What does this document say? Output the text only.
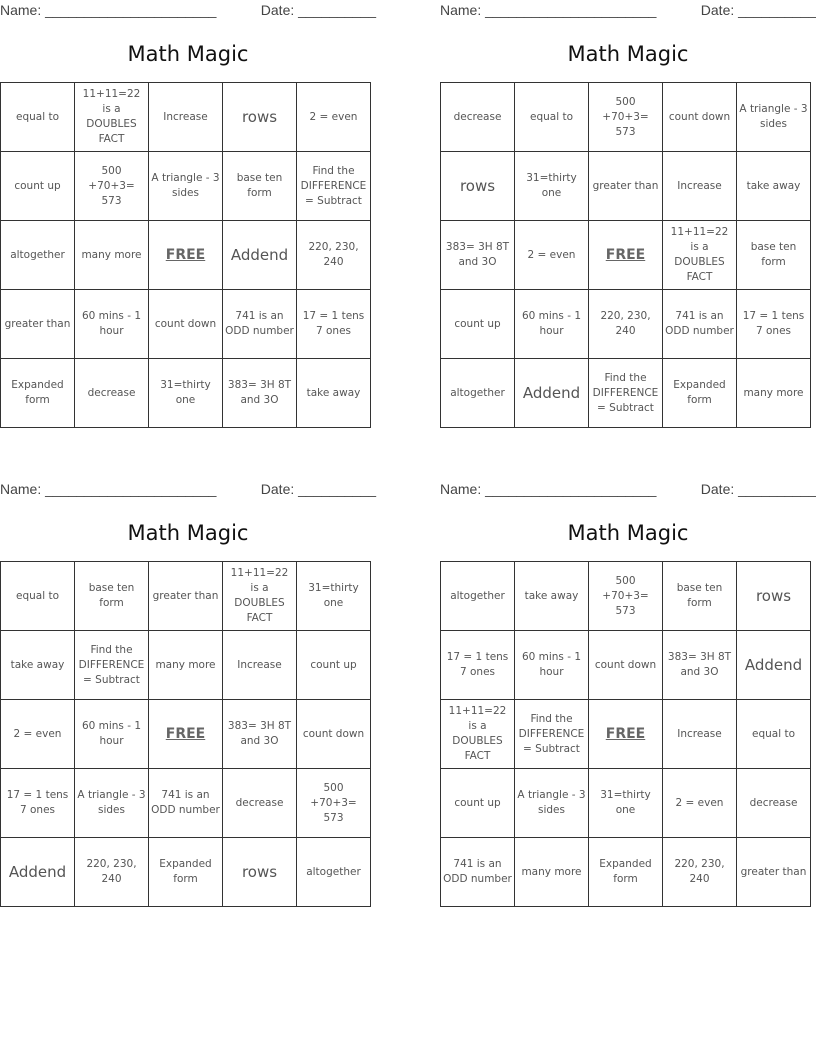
Name: ______________________	Date: __________
Math Magic
equal to	11+11=22 is a DOUBLES FACT	Increase	rows	2 = even
count up	500 +70+3= 573	A triangle - 3 sides	base ten form	Find the DIFFERENCE = Subtract
altogether	many more	FREE	Addend	220, 230, 240
greater than	60 mins - 1 hour	count down	741 is an ODD number	17 = 1 tens 7 ones
Expanded form	decrease	31=thirty one	383= 3H 8T and 3O	take away
Name: ______________________	Date: __________
Math Magic
decrease	equal to	500 +70+3= 573	count down	A triangle - 3 sides
rows	31=thirty one	greater than	Increase	take away
383= 3H 8T and 3O	2 = even	FREE	11+11=22 is a DOUBLES FACT	base ten form
count up	60 mins - 1 hour	220, 230, 240	741 is an ODD number	17 = 1 tens 7 ones
altogether	Addend	Find the DIFFERENCE = Subtract	Expanded form	many more
Name: ______________________	Date: __________
Math Magic
equal to	base ten form	greater than	11+11=22 is a DOUBLES FACT	31=thirty one
take away	Find the DIFFERENCE = Subtract	many more	Increase	count up
2 = even	60 mins - 1 hour	FREE	383= 3H 8T and 3O	count down
17 = 1 tens 7 ones	A triangle - 3 sides	741 is an ODD number	decrease	500 +70+3= 573
Addend	220, 230, 240	Expanded form	rows	altogether
Name: ______________________	Date: __________
Math Magic
altogether	take away	500 +70+3= 573	base ten form	rows
17 = 1 tens 7 ones	60 mins - 1 hour	count down	383= 3H 8T and 3O	Addend
11+11=22 is a DOUBLES FACT	Find the DIFFERENCE = Subtract	FREE	Increase	equal to
count up	A triangle - 3 sides	31=thirty one	2 = even	decrease
741 is an ODD number	many more	Expanded form	220, 230, 240	greater than
